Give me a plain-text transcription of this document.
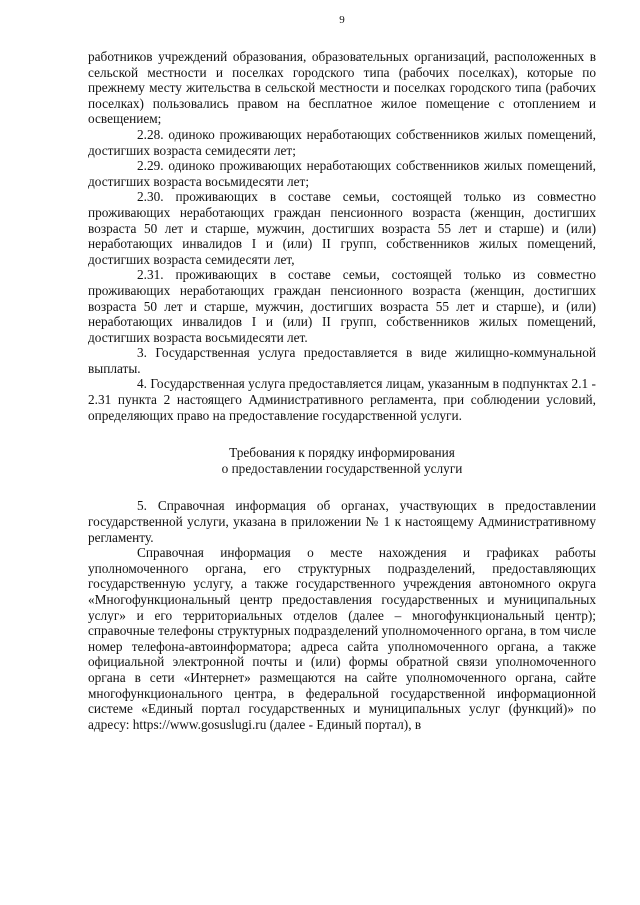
9

работников учреждений образования, образовательных организаций, расположенных в сельской местности и поселках городского типа (рабочих поселках), которые по прежнему месту жительства в сельской местности и поселках городского типа (рабочих поселках) пользовались правом на бесплатное жилое помещение с отоплением и освещением;

2.28. одиноко проживающих неработающих собственников жилых помещений, достигших возраста семидесяти лет;

2.29. одиноко проживающих неработающих собственников жилых помещений, достигших возраста восьмидесяти лет;

2.30. проживающих в составе семьи, состоящей только из совместно проживающих неработающих граждан пенсионного возраста (женщин, достигших возраста 50 лет и старше, мужчин, достигших возраста 55 лет и старше) и (или) неработающих инвалидов I и (или) II групп, собственников жилых помещений, достигших возраста семидесяти лет,

2.31. проживающих в составе семьи, состоящей только из совместно проживающих неработающих граждан пенсионного возраста (женщин, достигших возраста 50 лет и старше, мужчин, достигших возраста 55 лет и старше), и (или) неработающих инвалидов I и (или) II групп, собственников жилых помещений, достигших возраста восьмидесяти лет.

3. Государственная услуга предоставляется в виде жилищно-коммунальной выплаты.

4. Государственная услуга предоставляется лицам, указанным в подпунктах 2.1 - 2.31 пункта 2 настоящего Административного регламента, при соблюдении условий, определяющих право на предоставление государственной услуги.

Требования к порядку информирования
о предоставлении государственной услуги

5. Справочная информация об органах, участвующих в предоставлении государственной услуги, указана в приложении № 1 к настоящему Административному регламенту.

Справочная информация о месте нахождения и графиках работы уполномоченного органа, его структурных подразделений, предоставляющих государственную услугу, а также государственного учреждения автономного округа «Многофункциональный центр предоставления государственных и муниципальных услуг» и его территориальных отделов (далее – многофункциональный центр); справочные телефоны структурных подразделений уполномоченного органа, в том числе номер телефона-автоинформатора; адреса сайта уполномоченного органа, а также официальной электронной почты и (или) формы обратной связи уполномоченного органа в сети «Интернет» размещаются на сайте уполномоченного органа, сайте многофункционального центра, в федеральной государственной информационной системе «Единый портал государственных и муниципальных услуг (функций)» по адресу: https://www.gosuslugi.ru (далее - Единый портал), в
